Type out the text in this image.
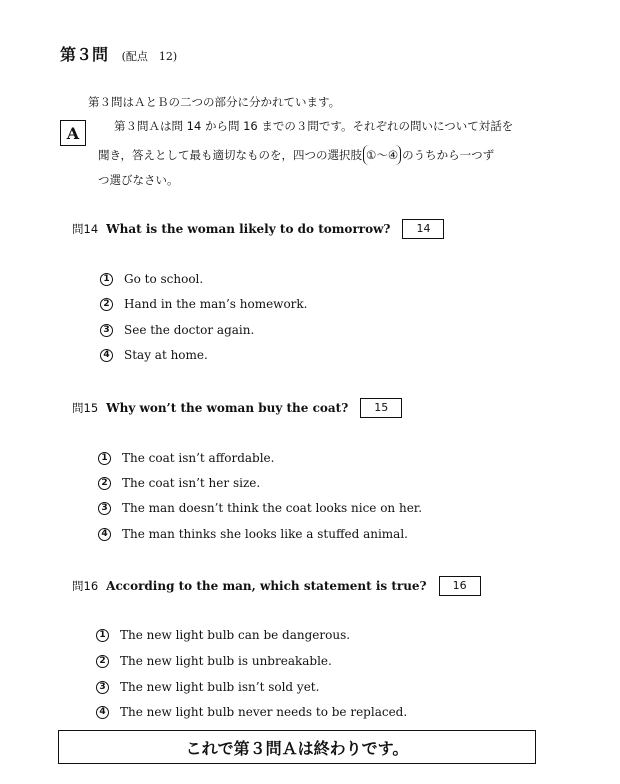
第３問 (配点　12)
第３問はＡとＢの二つの部分に分かれています。
A	第３問Ａは問 14 から問 16 までの３問です。それぞれの問いについて対話を
聞き，答えとして最も適切なものを，四つの選択肢 ①～④ のうちから一つず
つ選びなさい。
問14 What is the woman likely to do tomorrow? 14
1 Go to school.
2 Hand in the man’s homework.
3 See the doctor again.
4 Stay at home.
問15 Why won’t the woman buy the coat? 15
1 The coat isn’t affordable.
2 The coat isn’t her size.
3 The man doesn’t think the coat looks nice on her.
4 The man thinks she looks like a stuffed animal.
問16 According to the man, which statement is true? 16
1 The new light bulb can be dangerous.
2 The new light bulb is unbreakable.
3 The new light bulb isn’t sold yet.
4 The new light bulb never needs to be replaced.
これで第３問Ａは終わりです。
